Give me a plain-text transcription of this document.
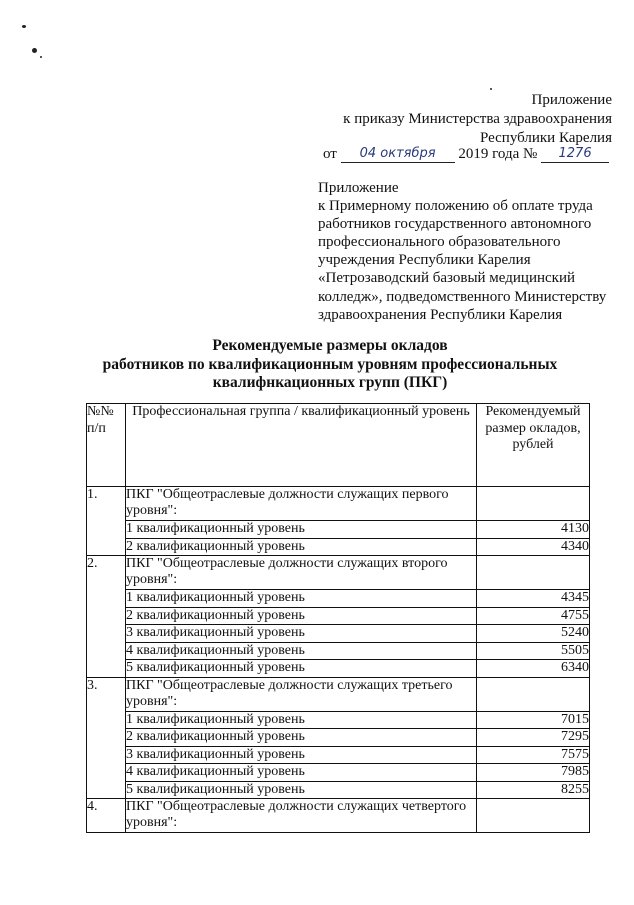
Приложение
к приказу Министерства здравоохранения
Республики Карелия
от 04 октября 2019 года № 1276
Приложение
к Примерному положению об оплате труда
работников государственного автономного
профессионального образовательного
учреждения Республики Карелия
«Петрозаводский базовый медицинский
колледж», подведомственного Министерству
здравоохранения Республики Карелия
Рекомендуемые размеры окладов
работников по квалификационным уровням профессиональных
квалифнкационных групп (ПКГ)
№№ п/п	Профессиональная группа / квалификационный уровень	Рекомендуемый размер окладов, рублей
1.	ПКГ "Общеотраслевые должности служащих первого уровня":	
	1 квалификационный уровень	4130
	2 квалификационный уровень	4340
2.	ПКГ "Общеотраслевые должности служащих второго уровня":	
	1 квалификационный уровень	4345
	2 квалификационный уровень	4755
	3 квалификационный уровень	5240
	4 квалификационный уровень	5505
	5 квалификационный уровень	6340
3.	ПКГ "Общеотраслевые должности служащих третьего уровня":	
	1 квалификационный уровень	7015
	2 квалификационный уровень	7295
	3 квалификационный уровень	7575
	4 квалификационный уровень	7985
	5 квалификационный уровень	8255
4.	ПКГ "Общеотраслевые должности служащих четвертого уровня":	
